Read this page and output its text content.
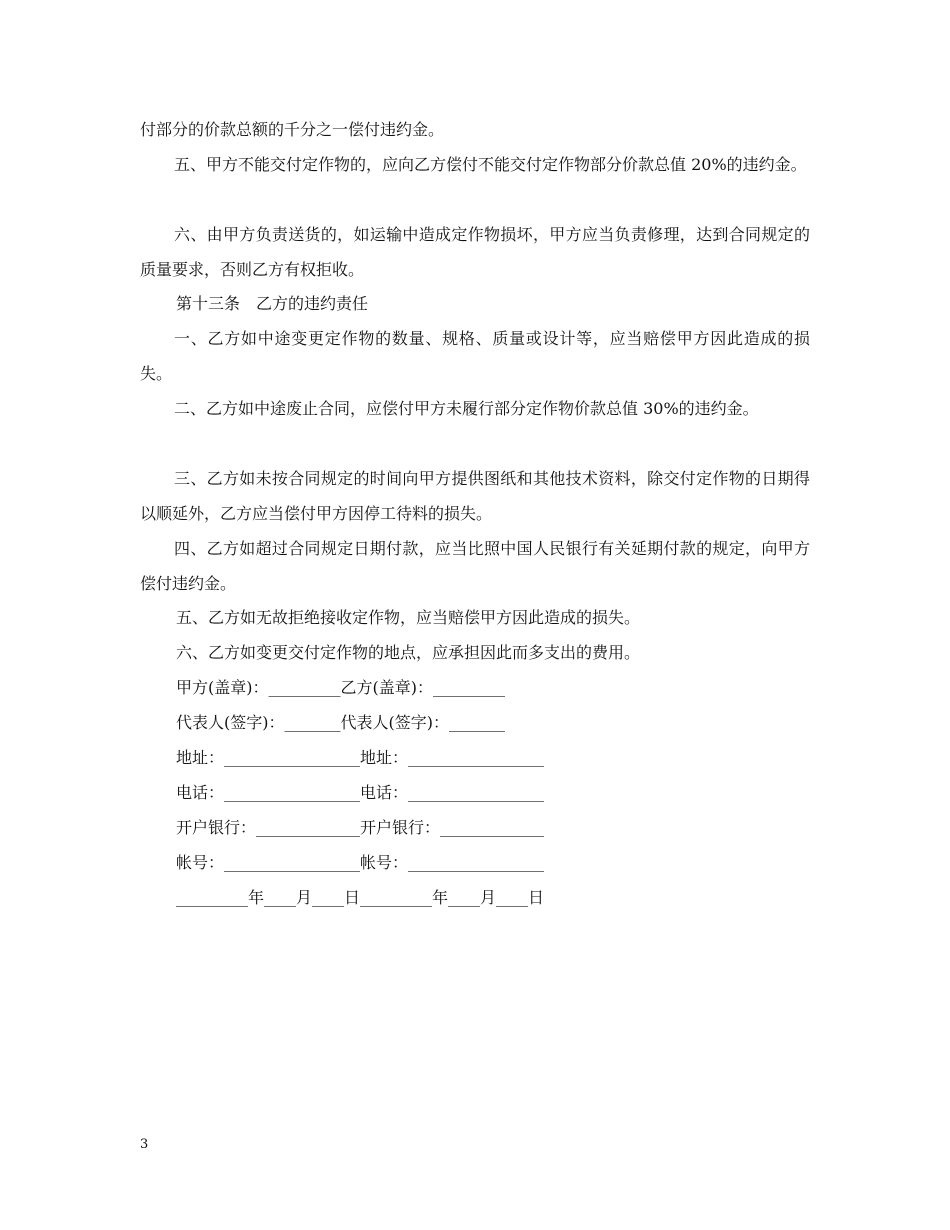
付部分的价款总额的千分之一偿付违约金。
五、甲方不能交付定作物的，应向乙方偿付不能交付定作物部分价款总值 20%的违约金。
六、由甲方负责送货的，如运输中造成定作物损坏，甲方应当负责修理，达到合同规定的质量要求，否则乙方有权拒收。
第十三条　乙方的违约责任
一、乙方如中途变更定作物的数量、规格、质量或设计等，应当赔偿甲方因此造成的损失。
二、乙方如中途废止合同，应偿付甲方未履行部分定作物价款总值 30%的违约金。
三、乙方如未按合同规定的时间向甲方提供图纸和其他技术资料，除交付定作物的日期得以顺延外，乙方应当偿付甲方因停工待料的损失。
四、乙方如超过合同规定日期付款，应当比照中国人民银行有关延期付款的规定，向甲方偿付违约金。
五、乙方如无故拒绝接收定作物，应当赔偿甲方因此造成的损失。
六、乙方如变更交付定作物的地点，应承担因此而多支出的费用。
甲方(盖章)：_________乙方(盖章)：_________
代表人(签字)：_______代表人(签字)：_______
地址：_________________地址：_________________
电话：_________________电话：_________________
开户银行：_____________开户银行：_____________
帐号：_________________帐号：_________________
_________年____月____日_________年____月____日
3
